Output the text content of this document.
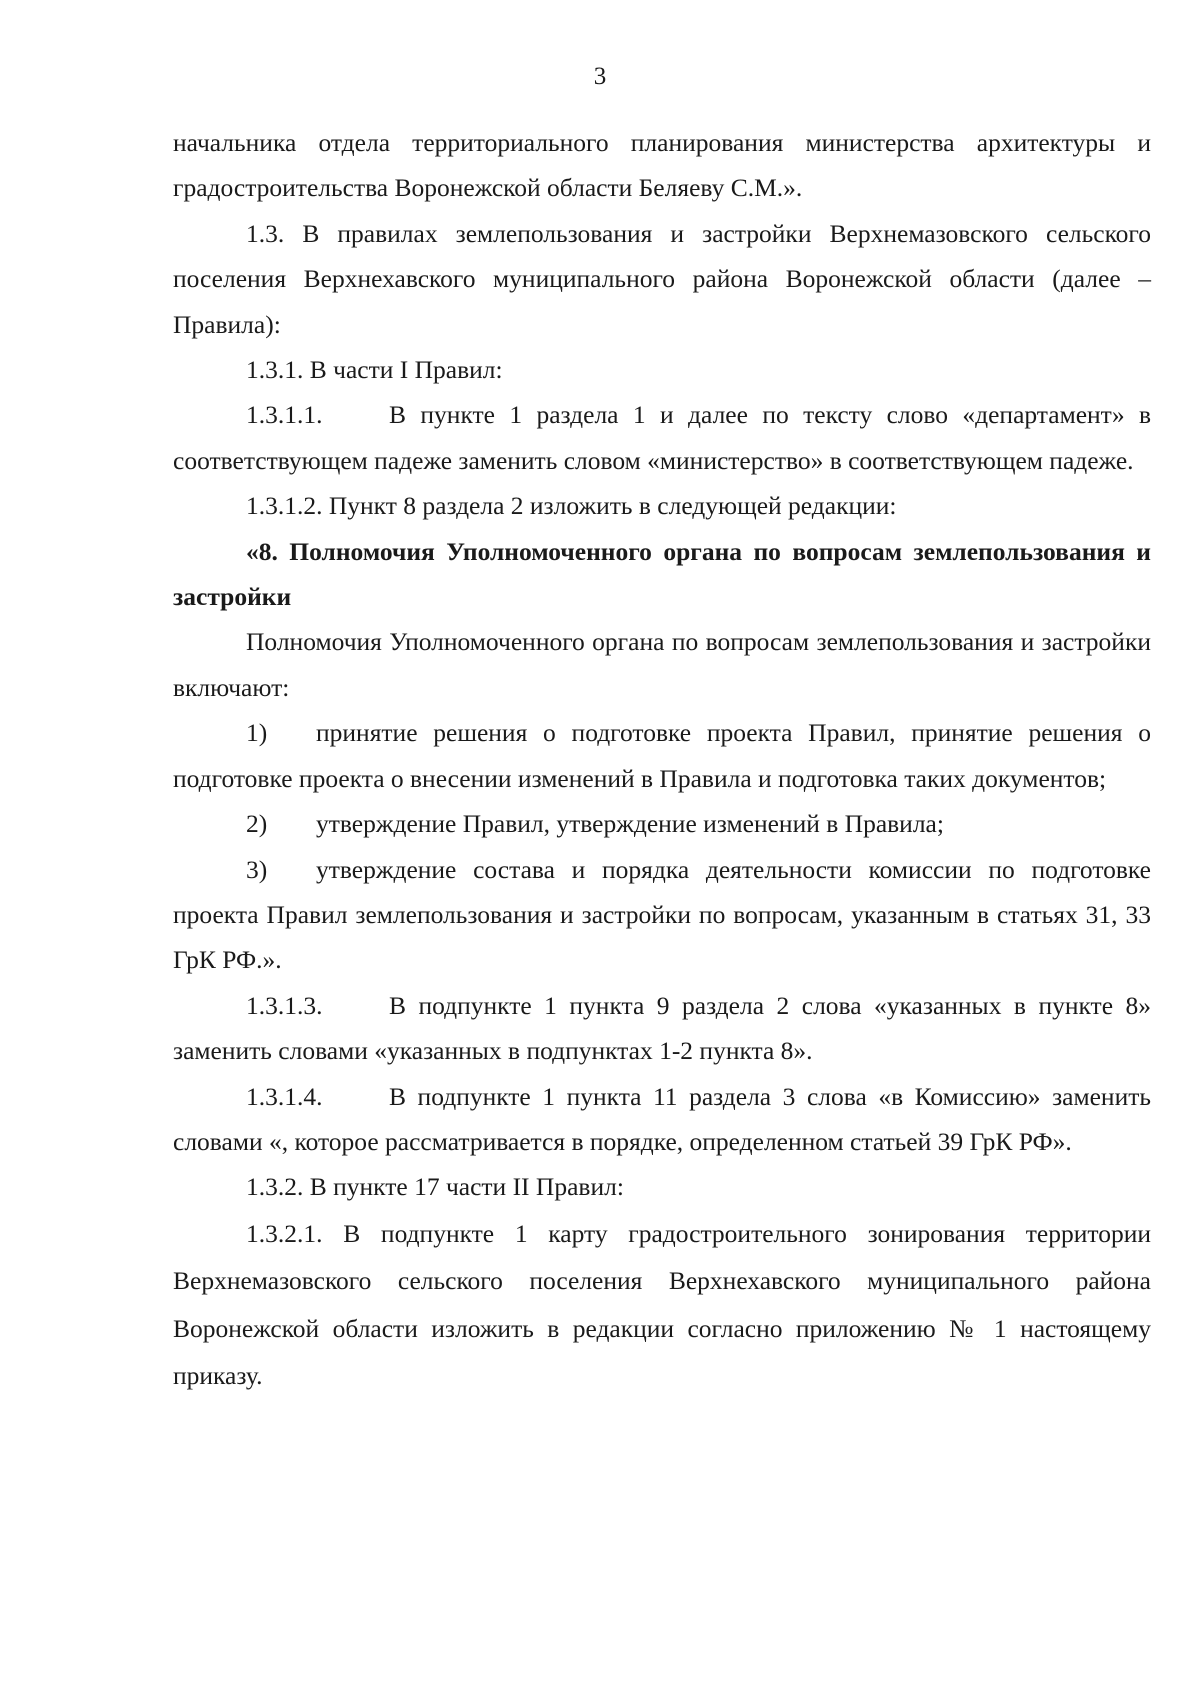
3

начальника отдела территориального планирования министерства архитектуры и градостроительства Воронежской области Беляеву С.М.».

1.3. В правилах землепользования и застройки Верхнемазовского сельского поселения Верхнехавского муниципального района Воронежской области (далее – Правила):

1.3.1. В части I Правил:

1.3.1.1.	В пункте 1 раздела 1 и далее по тексту слово «департамент» в соответствующем падеже заменить словом «министерство» в соответствующем падеже.

1.3.1.2. Пункт 8 раздела 2 изложить в следующей редакции:

«8. Полномочия Уполномоченного органа по вопросам землепользования и застройки

Полномочия Уполномоченного органа по вопросам землепользования и застройки включают:

1) принятие решения о подготовке проекта Правил, принятие решения о подготовке проекта о внесении изменений в Правила и подготовка таких документов;

2) утверждение Правил, утверждение изменений в Правила;

3) утверждение состава и порядка деятельности комиссии по подготовке проекта Правил землепользования и застройки по вопросам, указанным в статьях 31, 33 ГрК РФ.».

1.3.1.3.	В подпункте 1 пункта 9 раздела 2 слова «указанных в пункте 8» заменить словами «указанных в подпунктах 1-2 пункта 8».

1.3.1.4.	В подпункте 1 пункта 11 раздела 3 слова «в Комиссию» заменить словами «, которое рассматривается в порядке, определенном статьей 39 ГрК РФ».

1.3.2. В пункте 17 части II Правил:

1.3.2.1. В подпункте 1 карту градостроительного зонирования территории Верхнемазовского сельского поселения Верхнехавского муниципального района Воронежской области изложить в редакции согласно приложению № 1 настоящему приказу.
